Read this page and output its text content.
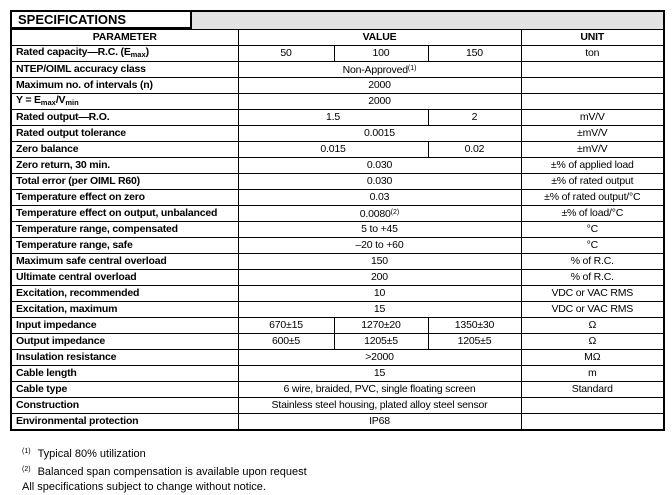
SPECIFICATIONS				

PARAMETER	VALUE			UNIT
Rated capacity—R.C. $(E_{max})$	50	100	150	ton
NTEP/OIML accuracy class	Non-Approved$^{(1)}$	
Maximum no. of intervals (n)	2000			
$Y = E_{max}/V_{min}$	2000			
Rated output—R.O.	1.5		2	mV/V
Rated output tolerance	0.0015			±mV/V
Zero balance	0.015		0.02	±mV/V
Zero return, 30 min.	0.030			±% of applied load
Total error (per OIML R60)	0.030			±% of rated output
Temperature effect on zero	0.03			±% of rated output/°C
Temperature effect on output, unbalanced	0.0080$^{(2)}$			±% of load/°C
Temperature range, compensated	5 to +45			°C
Temperature range, safe	–20 to +60			°C
Maximum safe central overload	150			% of R.C.
Ultimate central overload	200			% of R.C.
Excitation, recommended	10			VDC or VAC RMS
Excitation, maximum	15			VDC or VAC RMS
Input impedance	670±15	1270±20	1350±30	Ω
Output impedance	600±5	1205±5	1205±5	Ω
Insulation resistance	>2000			MΩ
Cable length	15			m
Cable type	6 wire, braided, PVC, single floating screen			Standard
Construction	Stainless steel housing, plated alloy steel sensor			
Environmental protection	IP68			
$^{(1)}$ Typical 80% utilization
$^{(2)}$ Balanced span compensation is available upon request
All specifications subject to change without notice.
